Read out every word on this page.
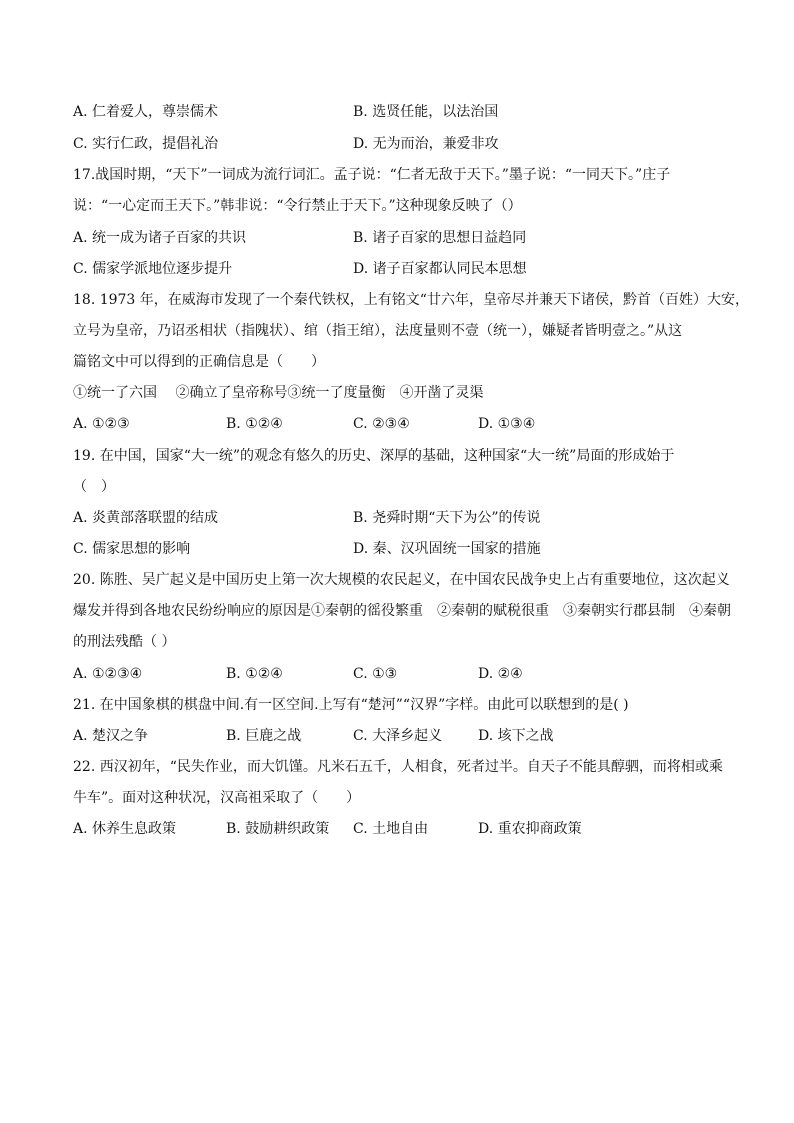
A. 仁着爱人，尊崇儒术	B. 选贤任能，以法治国
C. 实行仁政，提倡礼治	D. 无为而治，兼爱非攻
17.战国时期，“天下”一词成为流行词汇。孟子说：“仁者无敌于天下。”墨子说：“一同天下。”庄子
说：“一心定而王天下。”韩非说：“令行禁止于天下。”这种现象反映了（）
A. 统一成为诸子百家的共识	B. 诸子百家的思想日益趋同
C. 儒家学派地位逐步提升	D. 诸子百家都认同民本思想
18. 1973 年，在威海市发现了一个秦代铁权，上有铭文“廿六年，皇帝尽并兼天下诸侯，黔首（百姓）大安，
立号为皇帝，乃诏丞相状（指隗状）、绾（指王绾），法度量则不壹（统一），嫌疑者皆明壹之。”从这
篇铭文中可以得到的正确信息是（　　）
①统一了六国　 ②确立了皇帝称号③统一了度量衡　④开凿了灵渠
A. ①②③	B. ①②④	C. ②③④	D. ①③④
19. 在中国，国家“大一统”的观念有悠久的历史、深厚的基础，这种国家“大一统”局面的形成始于
（　）
A. 炎黄部落联盟的结成	B. 尧舜时期“天下为公”的传说
C. 儒家思想的影响	D. 秦、汉巩固统一国家的措施
20. 陈胜、吴广起义是中国历史上第一次大规模的农民起义，在中国农民战争史上占有重要地位，这次起义
爆发并得到各地农民纷纷响应的原因是①秦朝的徭役繁重　②秦朝的赋税很重　③秦朝实行郡县制　④秦朝
的刑法残酷（ ）
A. ①②③④	B. ①②④	C. ①③	D. ②④
21. 在中国象棋的棋盘中间.有一区空间.上写有“楚河”“汉界”字样。由此可以联想到的是( )
A. 楚汉之争	B. 巨鹿之战	C. 大泽乡起义	D. 垓下之战
22. 西汉初年，“民失作业，而大饥馑。凡米石五千，人相食，死者过半。自天子不能具醇驷，而将相或乘
牛车”。面对这种状况，汉高祖采取了（　　）
A. 休养生息政策	B. 鼓励耕织政策 C. 土地自由	D. 重农抑商政策
